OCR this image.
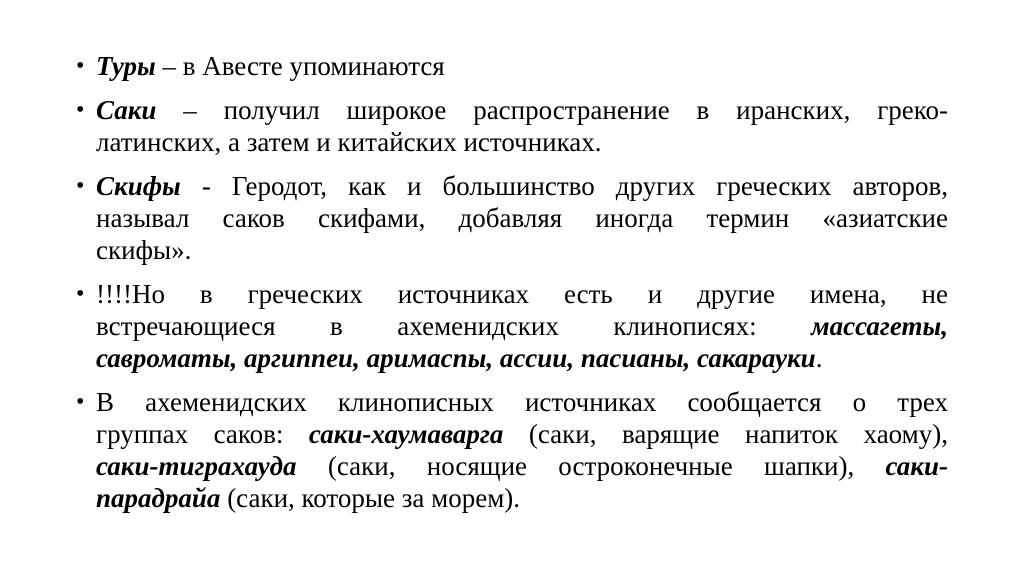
• Туры – в Авесте упоминаются
• Саки – получил широкое распространение в иранских, греко-
латинских, а затем и китайских источниках.
• Скифы - Геродот, как и большинство других греческих авторов,
называл саков скифами, добавляя иногда термин «азиатские
скифы».
• !!!!Но в греческих источниках есть и другие имена, не
встречающиеся в ахеменидских клинописях: массагеты,
савроматы, аргиппеи, аримаспы, ассии, пасианы, сакарауки.
• В ахеменидских клинописных источниках сообщается о трех
группах саков: саки-хаумаварга (саки, варящие напиток хаому),
саки-тиграхауда (саки, носящие остроконечные шапки), саки-
парадрайа (саки, которые за морем).
